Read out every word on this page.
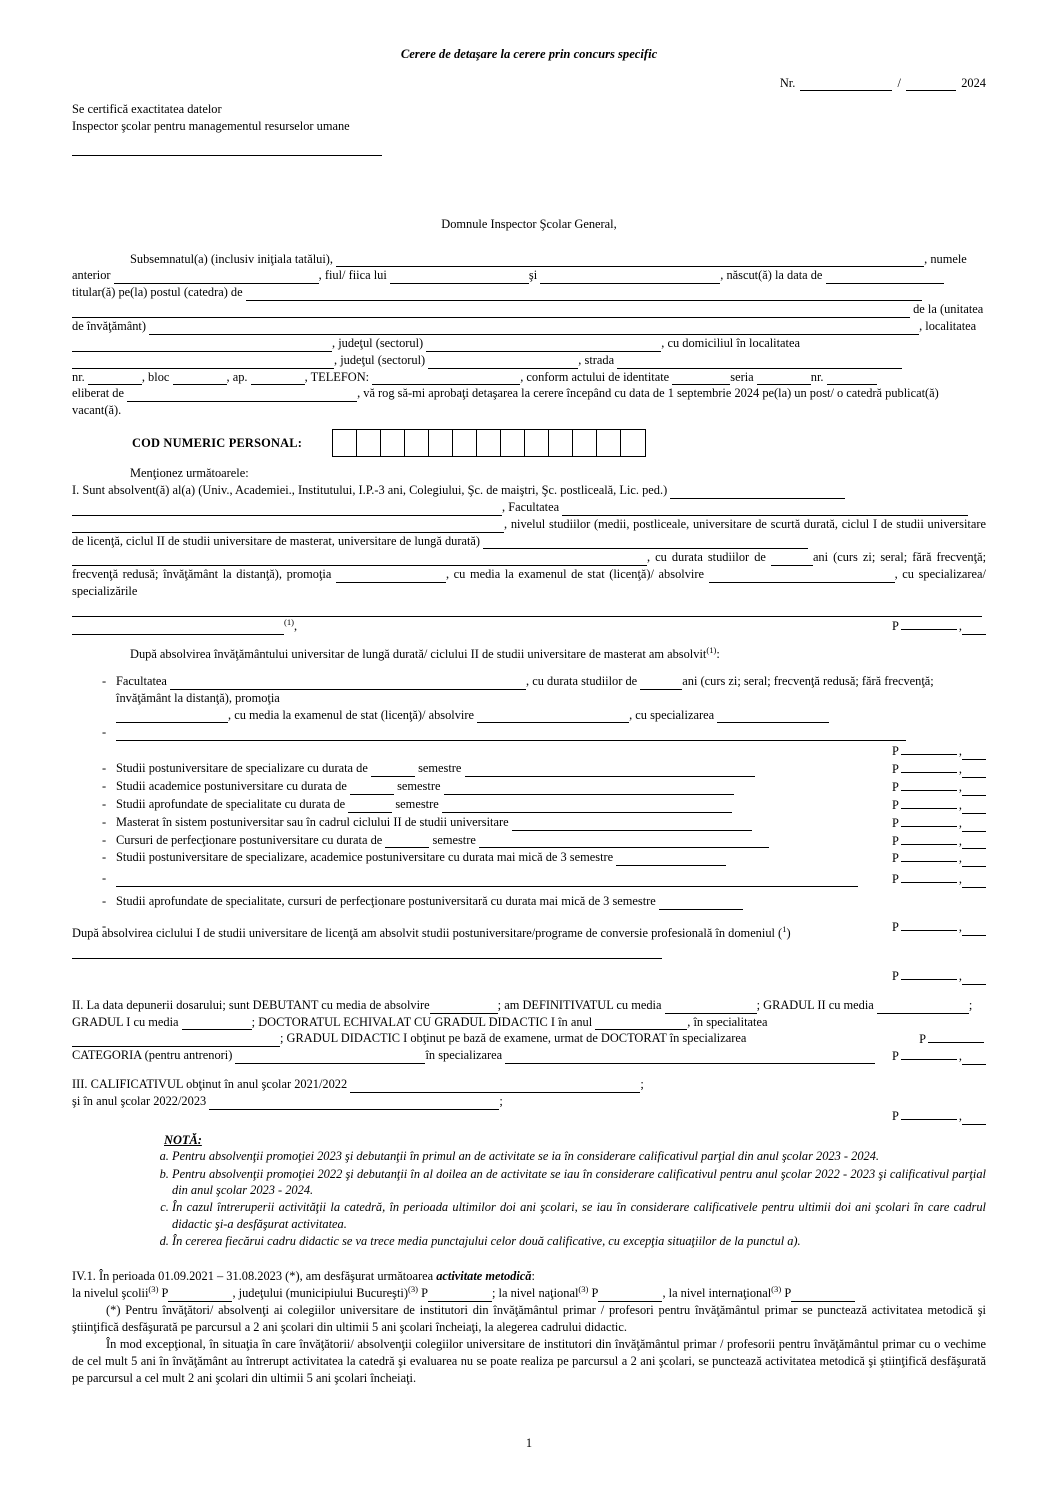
Cerere de detaşare la cerere prin concurs specific
Nr.	/	2024
Se certifică exactitatea datelor
Inspector şcolar pentru managementul resurselor umane
Domnule Inspector Şcolar General,
Subsemnatul(a) (inclusiv iniţiala tatălui),	, numele
anterior	, fiul/ fiica lui	şi	, născut(ă) la data de
titular(ă) pe(la) postul (catedra) de
de la (unitatea
de învăţământ)	, localitatea
, judeţul (sectorul)	, cu domiciliul în localitatea
, judeţul (sectorul)	, strada
nr.	, bloc	, ap.	, TELEFON:	, conform actului de identitate	seria	nr.
eliberat de	, vă rog să-mi aprobaţi detaşarea la cerere începând cu data de 1 septembrie 2024 pe(la) un post/ o catedră publicat(ă)
vacant(ă).
COD NUMERIC PERSONAL:
Menţionez următoarele:
I. Sunt absolvent(ă) al(a) (Univ., Academiei., Institutului, I.P.-3 ani, Colegiului, Şc. de maiştri, Şc. postliceală, Lic. ped.)
, Facultatea
, nivelul studiilor (medii, postliceale, universitare de scurtă durată, ciclul I de studii universitare de licenţă, ciclul II de studii universitare de masterat, universitare de lungă durată)
, cu durata studiilor de	ani (curs zi; seral; fără frecvenţă; frecvenţă redusă; învăţământ la distanţă), promoţia	, cu media la examenul de stat (licenţă)/ absolvire	, cu specializarea/ specializările
$^{(1)}$,	P	,
După absolvirea învăţământului universitar de lungă durată/ ciclului II de studii universitare de masterat am absolvit$^{(1)}$:
- Facultatea	, cu durata studiilor de	ani (curs zi; seral; frecvenţă redusă; fără frecvenţă; învăţământ la distanţă), promoţia
, cu media la examenul de stat (licenţă)/ absolvire	, cu specializarea
-
P	,
- Studii postuniversitare de specializare cu durata de	semestre	P	,
- Studii academice postuniversitare cu durata de	semestre	P	,
- Studii aprofundate de specialitate cu durata de	semestre	P	,
- Masterat în sistem postuniversitar sau în cadrul ciclului II de studii universitare	P	,
- Cursuri de perfecţionare postuniversitare cu durata de	semestre	P	,
- Studii postuniversitare de specializare, academice postuniversitare cu durata mai mică de 3 semestre	P	,
- P	,
- Studii aprofundate de specialitate, cursuri de perfecţionare postuniversitară cu durata mai mică de 3 semestre
P	,
După absolvirea ciclului I de studii universitare de licenţă am absolvit studii postuniversitare/programe de conversie profesională în domeniul ($^1$)
P	,
II. La data depunerii dosarului; sunt DEBUTANT cu media de absolvire	; am DEFINITIVATUL cu media	; GRADUL II cu media	;
GRADUL I cu media	; DOCTORATUL ECHIVALAT CU GRADUL DIDACTIC I în anul	, în specialitatea
; GRADUL DIDACTIC I obţinut pe bază de examene, urmat de DOCTORAT în specializarea	P
CATEGORIA (pentru antrenori)	în specializarea	P	,
III. CALIFICATIVUL obţinut în anul şcolar 2021/2022	;
şi în anul şcolar 2022/2023	;
P	,
NOTĂ:
a. Pentru absolvenţii promoţiei 2023 şi debutanţii în primul an de activitate se ia în considerare calificativul parţial din anul şcolar 2023 - 2024.
b. Pentru absolvenţii promoţiei 2022 şi debutanţii în al doilea an de activitate se iau în considerare calificativul pentru anul şcolar 2022 - 2023 şi calificativul parţial din anul şcolar 2023 - 2024.
c. În cazul întreruperii activităţii la catedră, în perioada ultimilor doi ani şcolari, se iau în considerare calificativele pentru ultimii doi ani şcolari în care cadrul didactic şi-a desfăşurat activitatea.
d. În cererea fiecărui cadru didactic se va trece media punctajului celor două calificative, cu excepţia situaţiilor de la punctul a).
IV.1. În perioada 01.09.2021 – 31.08.2023 (*), am desfăşurat următoarea activitate metodică:
la nivelul şcolii$^{(3)}$ P	, judeţului (municipiului Bucureşti)$^{(3)}$ P	; la nivel naţional$^{(3)}$ P	, la nivel internaţional$^{(3)}$ P
(*) Pentru învăţători/ absolvenţi ai colegiilor universitare de institutori din învăţământul primar / profesori pentru învăţământul primar se punctează activitatea metodică şi ştiinţifică desfăşurată pe parcursul a 2 ani şcolari din ultimii 5 ani şcolari încheiaţi, la alegerea cadrului didactic.
În mod excepţional, în situaţia în care învăţătorii/ absolvenţii colegiilor universitare de institutori din învăţământul primar / profesorii pentru învăţământul primar cu o vechime de cel mult 5 ani în învăţământ au întrerupt activitatea la catedră şi evaluarea nu se poate realiza pe parcursul a 2 ani şcolari, se punctează activitatea metodică şi ştiinţifică desfăşurată pe parcursul a cel mult 2 ani şcolari din ultimii 5 ani şcolari încheiaţi.
1
